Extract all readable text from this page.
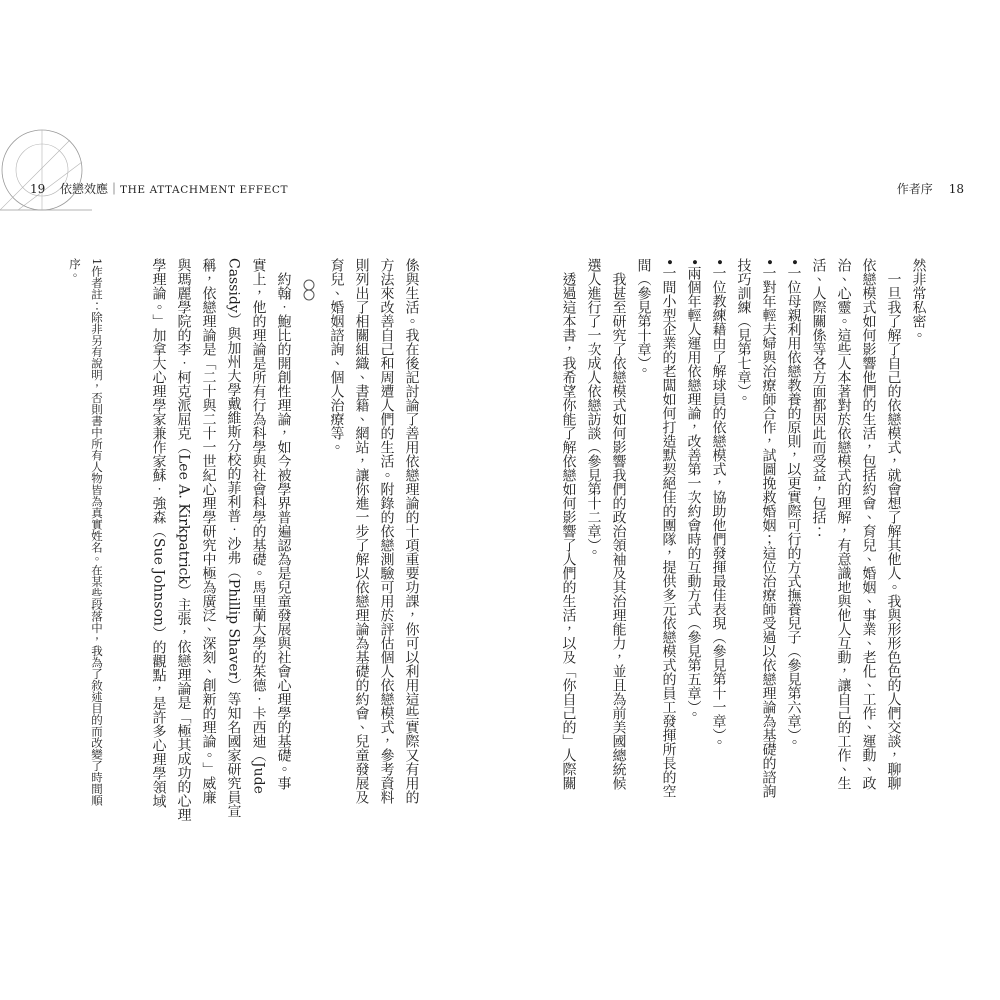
19 依戀效應｜THE ATTACHMENT EFFECT	作者序 18
然非常私密。
　一旦我了解了自己的依戀模式，就會想了解其他人。我與形形色色的人們交談，聊聊
依戀模式如何影響他們的生活，包括約會、育兒、婚姻、事業、老化、工作、運動、政
治、心靈。這些人本著對於依戀模式的理解，有意識地與他人互動，讓自己的工作、生
活、人際關係等各方面都因此而受益，包括：
•一位母親利用依戀教養的原則，以更實際可行的方式撫養兒子（參見第六章）。
•一對年輕夫婦與治療師合作，試圖挽救婚姻；這位治療師受過以依戀理論為基礎的諮詢
技巧訓練（見第七章）。
•一位教練藉由了解球員的依戀模式，協助他們發揮最佳表現（參見第十一章）。
•兩個年輕人運用依戀理論，改善第一次約會時的互動方式（參見第五章）。
•一間小型企業的老闆如何打造默契絕佳的團隊，提供多元依戀模式的員工發揮所長的空
間（參見第十章）。
　我甚至研究了依戀模式如何影響我們的政治領袖及其治理能力，並且為前美國總統候
選人進行了一次成人依戀訪談（參見第十二章）。
　透過這本書，我希望你能了解依戀如何影響了人們的生活，以及「你自己的」人際關
係與生活。我在後記討論了善用依戀理論的十項重要功課，你可以利用這些實際又有用的
方法來改善自己和周遭人們的生活。附錄的依戀測驗可用於評估個人依戀模式，參考資料
則列出了相關組織、書籍、網站，讓你進一步了解以依戀理論為基礎的約會、兒童發展及
育兒、婚姻諮詢、個人治療等。
　約翰．鮑比的開創性理論，如今被學界普遍認為是兒童發展與社會心理學的基礎。事
實上，他的理論是所有行為科學與社會科學的基礎。馬里蘭大學的茱德．卡西迪（Jude
Cassidy）與加州大學戴維斯分校的菲利普．沙弗（Phillip Shaver）等知名國家研究員宣
稱，依戀理論是「二十與二十一世紀心理學研究中極為廣泛、深刻、創新的理論。」威廉
與瑪麗學院的李．柯克派屈克（Lee A. Kirkpatrick）主張，依戀理論是「極其成功的心理
學理論。」加拿大心理學家兼作家蘇．強森（Sue Johnson）的觀點，是許多心理學領域
1作者註：除非另有說明，否則書中所有人物皆為真實姓名。在某些段落中，我為了敘述目的而改變了時間順
序。
